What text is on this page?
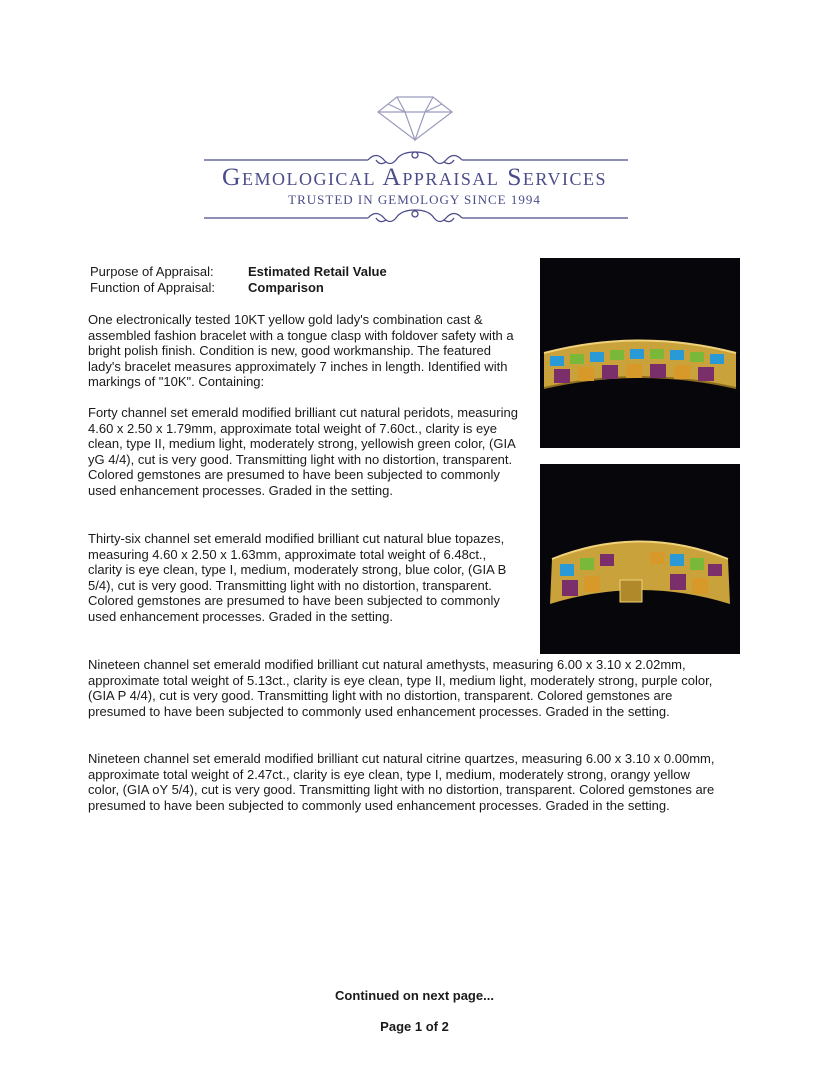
Gemological Appraisal Services
TRUSTED IN GEMOLOGY SINCE 1994
Purpose of Appraisal:	Estimated Retail Value
Function of Appraisal:	Comparison

One electronically tested 10KT yellow gold lady's combination cast & assembled fashion bracelet with a tongue clasp with foldover safety with a bright polish finish. Condition is new, good workmanship. The featured lady's bracelet measures approximately 7 inches in length. Identified with markings of "10K". Containing:

Forty channel set emerald modified brilliant cut natural peridots, measuring 4.60 x 2.50 x 1.79mm, approximate total weight of 7.60ct., clarity is eye clean, type II, medium light, moderately strong, yellowish green color, (GIA yG 4/4), cut is very good. Transmitting light with no distortion, transparent. Colored gemstones are presumed to have been subjected to commonly used enhancement processes. Graded in the setting.

Thirty-six channel set emerald modified brilliant cut natural blue topazes, measuring 4.60 x 2.50 x 1.63mm, approximate total weight of 6.48ct., clarity is eye clean, type I, medium, moderately strong, blue color, (GIA B 5/4), cut is very good. Transmitting light with no distortion, transparent. Colored gemstones are presumed to have been subjected to commonly used enhancement processes. Graded in the setting.

Nineteen channel set emerald modified brilliant cut natural amethysts, measuring 6.00 x 3.10 x 2.02mm, approximate total weight of 5.13ct., clarity is eye clean, type II, medium light, moderately strong, purple color, (GIA P 4/4), cut is very good. Transmitting light with no distortion, transparent. Colored gemstones are presumed to have been subjected to commonly used enhancement processes. Graded in the setting.

Nineteen channel set emerald modified brilliant cut natural citrine quartzes, measuring 6.00 x 3.10 x 0.00mm, approximate total weight of 2.47ct., clarity is eye clean, type I, medium, moderately strong, orangy yellow color, (GIA oY 5/4), cut is very good. Transmitting light with no distortion, transparent. Colored gemstones are presumed to have been subjected to commonly used enhancement processes. Graded in the setting.

Continued on next page...
Page 1 of 2
